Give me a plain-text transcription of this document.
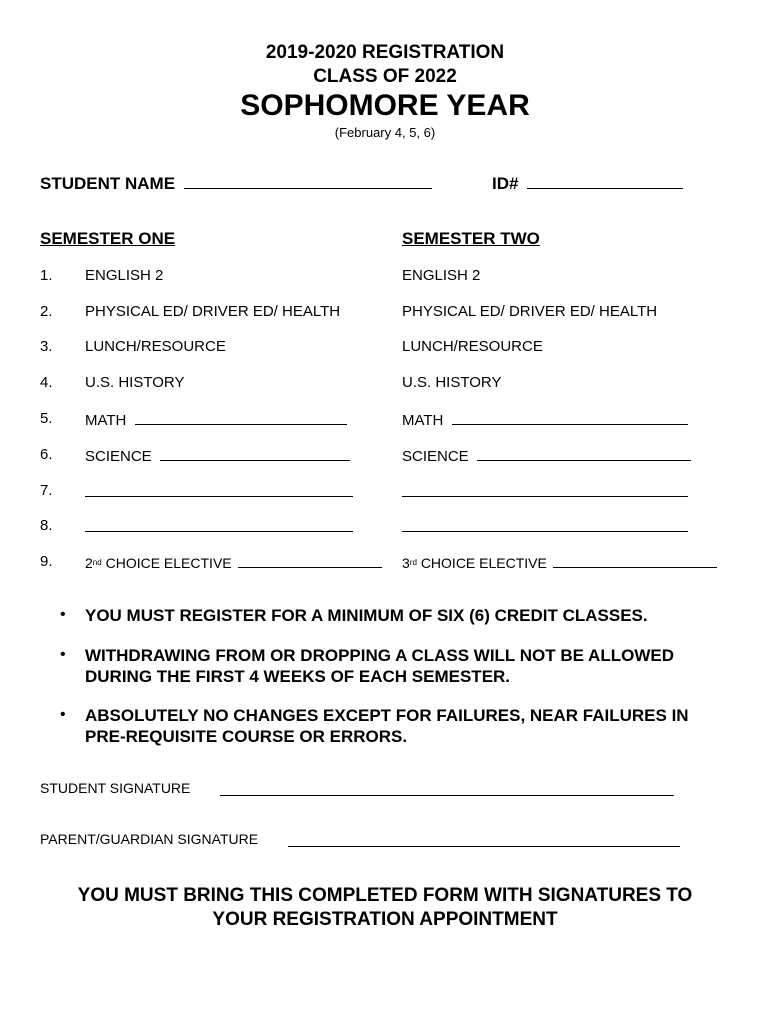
2019-2020 REGISTRATION
CLASS OF 2022
SOPHOMORE YEAR
(February 4, 5, 6)
STUDENT NAME	ID#
SEMESTER ONE	SEMESTER TWO
1. ENGLISH 2	ENGLISH 2
2. PHYSICAL ED/ DRIVER ED/ HEALTH	PHYSICAL ED/ DRIVER ED/ HEALTH
3. LUNCH/RESOURCE	LUNCH/RESOURCE
4. U.S. HISTORY	U.S. HISTORY
5. MATH	MATH
6. SCIENCE	SCIENCE
7.
8.
9. 2nd CHOICE ELECTIVE	3rd CHOICE ELECTIVE
• YOU MUST REGISTER FOR A MINIMUM OF SIX (6) CREDIT CLASSES.
• WITHDRAWING FROM OR DROPPING A CLASS WILL NOT BE ALLOWED
DURING THE FIRST 4 WEEKS OF EACH SEMESTER.
• ABSOLUTELY NO CHANGES EXCEPT FOR FAILURES, NEAR FAILURES IN
PRE-REQUISITE COURSE OR ERRORS.
STUDENT SIGNATURE
PARENT/GUARDIAN SIGNATURE
YOU MUST BRING THIS COMPLETED FORM WITH SIGNATURES TO
YOUR REGISTRATION APPOINTMENT
